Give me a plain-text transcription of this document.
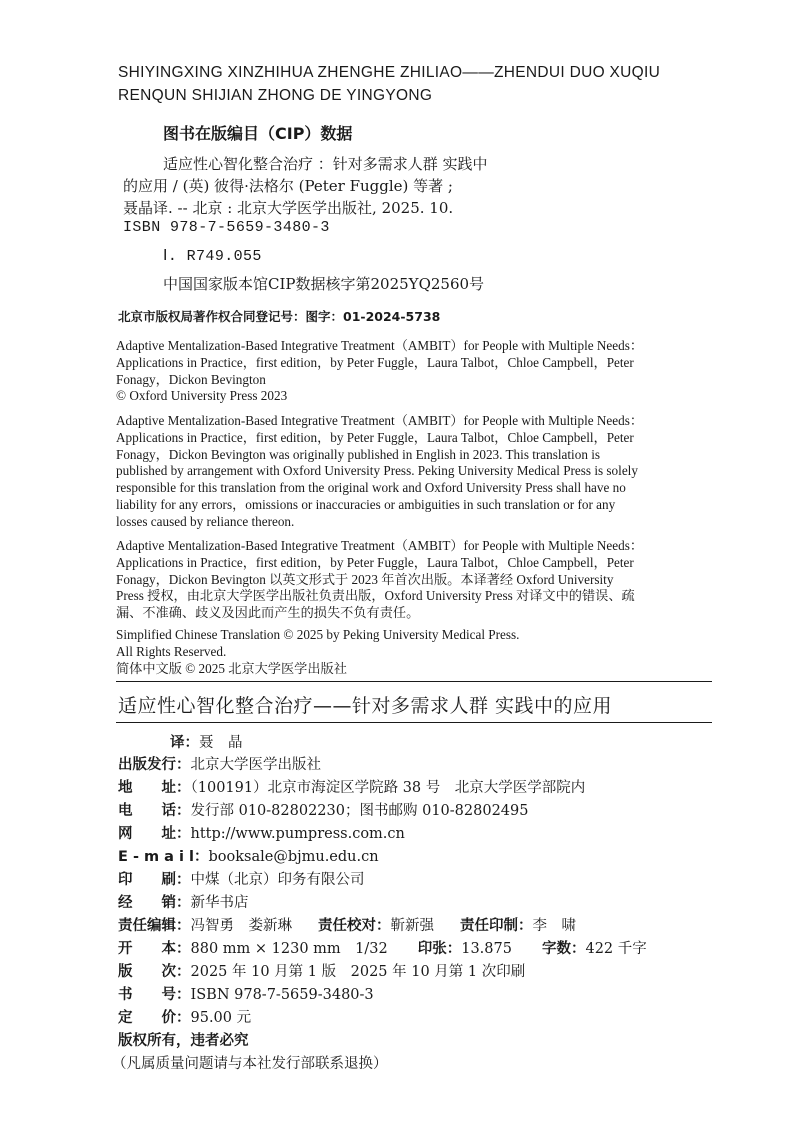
SHIYINGXING XINZHIHUA ZHENGHE ZHILIAO——ZHENDUI DUO XUQIU
RENQUN SHIJIAN ZHONG DE YINGYONG
图书在版编目（CIP）数据
适应性心智化整合治疗 ：针对多需求人群 实践中
的应用 / (英) 彼得·法格尔 (Peter Fuggle) 等著 ;
聂晶译. -- 北京 : 北京大学医学出版社, 2025. 10.
ISBN 978-7-5659-3480-3
Ⅰ. R749.055
中国国家版本馆CIP数据核字第2025YQ2560号
北京市版权局著作权合同登记号：图字：01-2024-5738
Adaptive Mentalization-Based Integrative Treatment（AMBIT）for People with Multiple Needs：
Applications in Practice，first edition，by Peter Fuggle，Laura Talbot，Chloe Campbell，Peter
Fonagy，Dickon Bevington
© Oxford University Press 2023
Adaptive Mentalization-Based Integrative Treatment（AMBIT）for People with Multiple Needs：
Applications in Practice，first edition，by Peter Fuggle，Laura Talbot，Chloe Campbell，Peter
Fonagy，Dickon Bevington was originally published in English in 2023. This translation is
published by arrangement with Oxford University Press. Peking University Medical Press is solely
responsible for this translation from the original work and Oxford University Press shall have no
liability for any errors，omissions or inaccuracies or ambiguities in such translation or for any
losses caused by reliance thereon.
Adaptive Mentalization-Based Integrative Treatment（AMBIT）for People with Multiple Needs：
Applications in Practice，first edition，by Peter Fuggle，Laura Talbot，Chloe Campbell，Peter
Fonagy，Dickon Bevington 以英文形式于 2023 年首次出版。本译著经 Oxford University
Press 授权，由北京大学医学出版社负责出版，Oxford University Press 对译文中的错误、疏
漏、不准确、歧义及因此而产生的损失不负有责任。
Simplified Chinese Translation © 2025 by Peking University Medical Press.
All Rights Reserved.
简体中文版 © 2025 北京大学医学出版社
适应性心智化整合治疗——针对多需求人群 实践中的应用
译：聂　晶
出版发行：北京大学医学出版社
地　　址：（100191）北京市海淀区学院路 38 号　北京大学医学部院内
电　　话：发行部 010-82802230；图书邮购 010-82802495
网　　址：http://www.pumpress.com.cn
E - m a i l：booksale@bjmu.edu.cn
印　　刷：中煤（北京）印务有限公司
经　　销：新华书店
责任编辑：冯智勇　娄新琳 责任校对：靳新强 责任印制：李　啸
开　　本：880 mm × 1230 mm　1/32 印张：13.875 字数：422 千字
版　　次：2025 年 10 月第 1 版　2025 年 10 月第 1 次印刷
书　　号：ISBN 978-7-5659-3480-3
定　　价：95.00 元
版权所有，违者必究
（凡属质量问题请与本社发行部联系退换）
